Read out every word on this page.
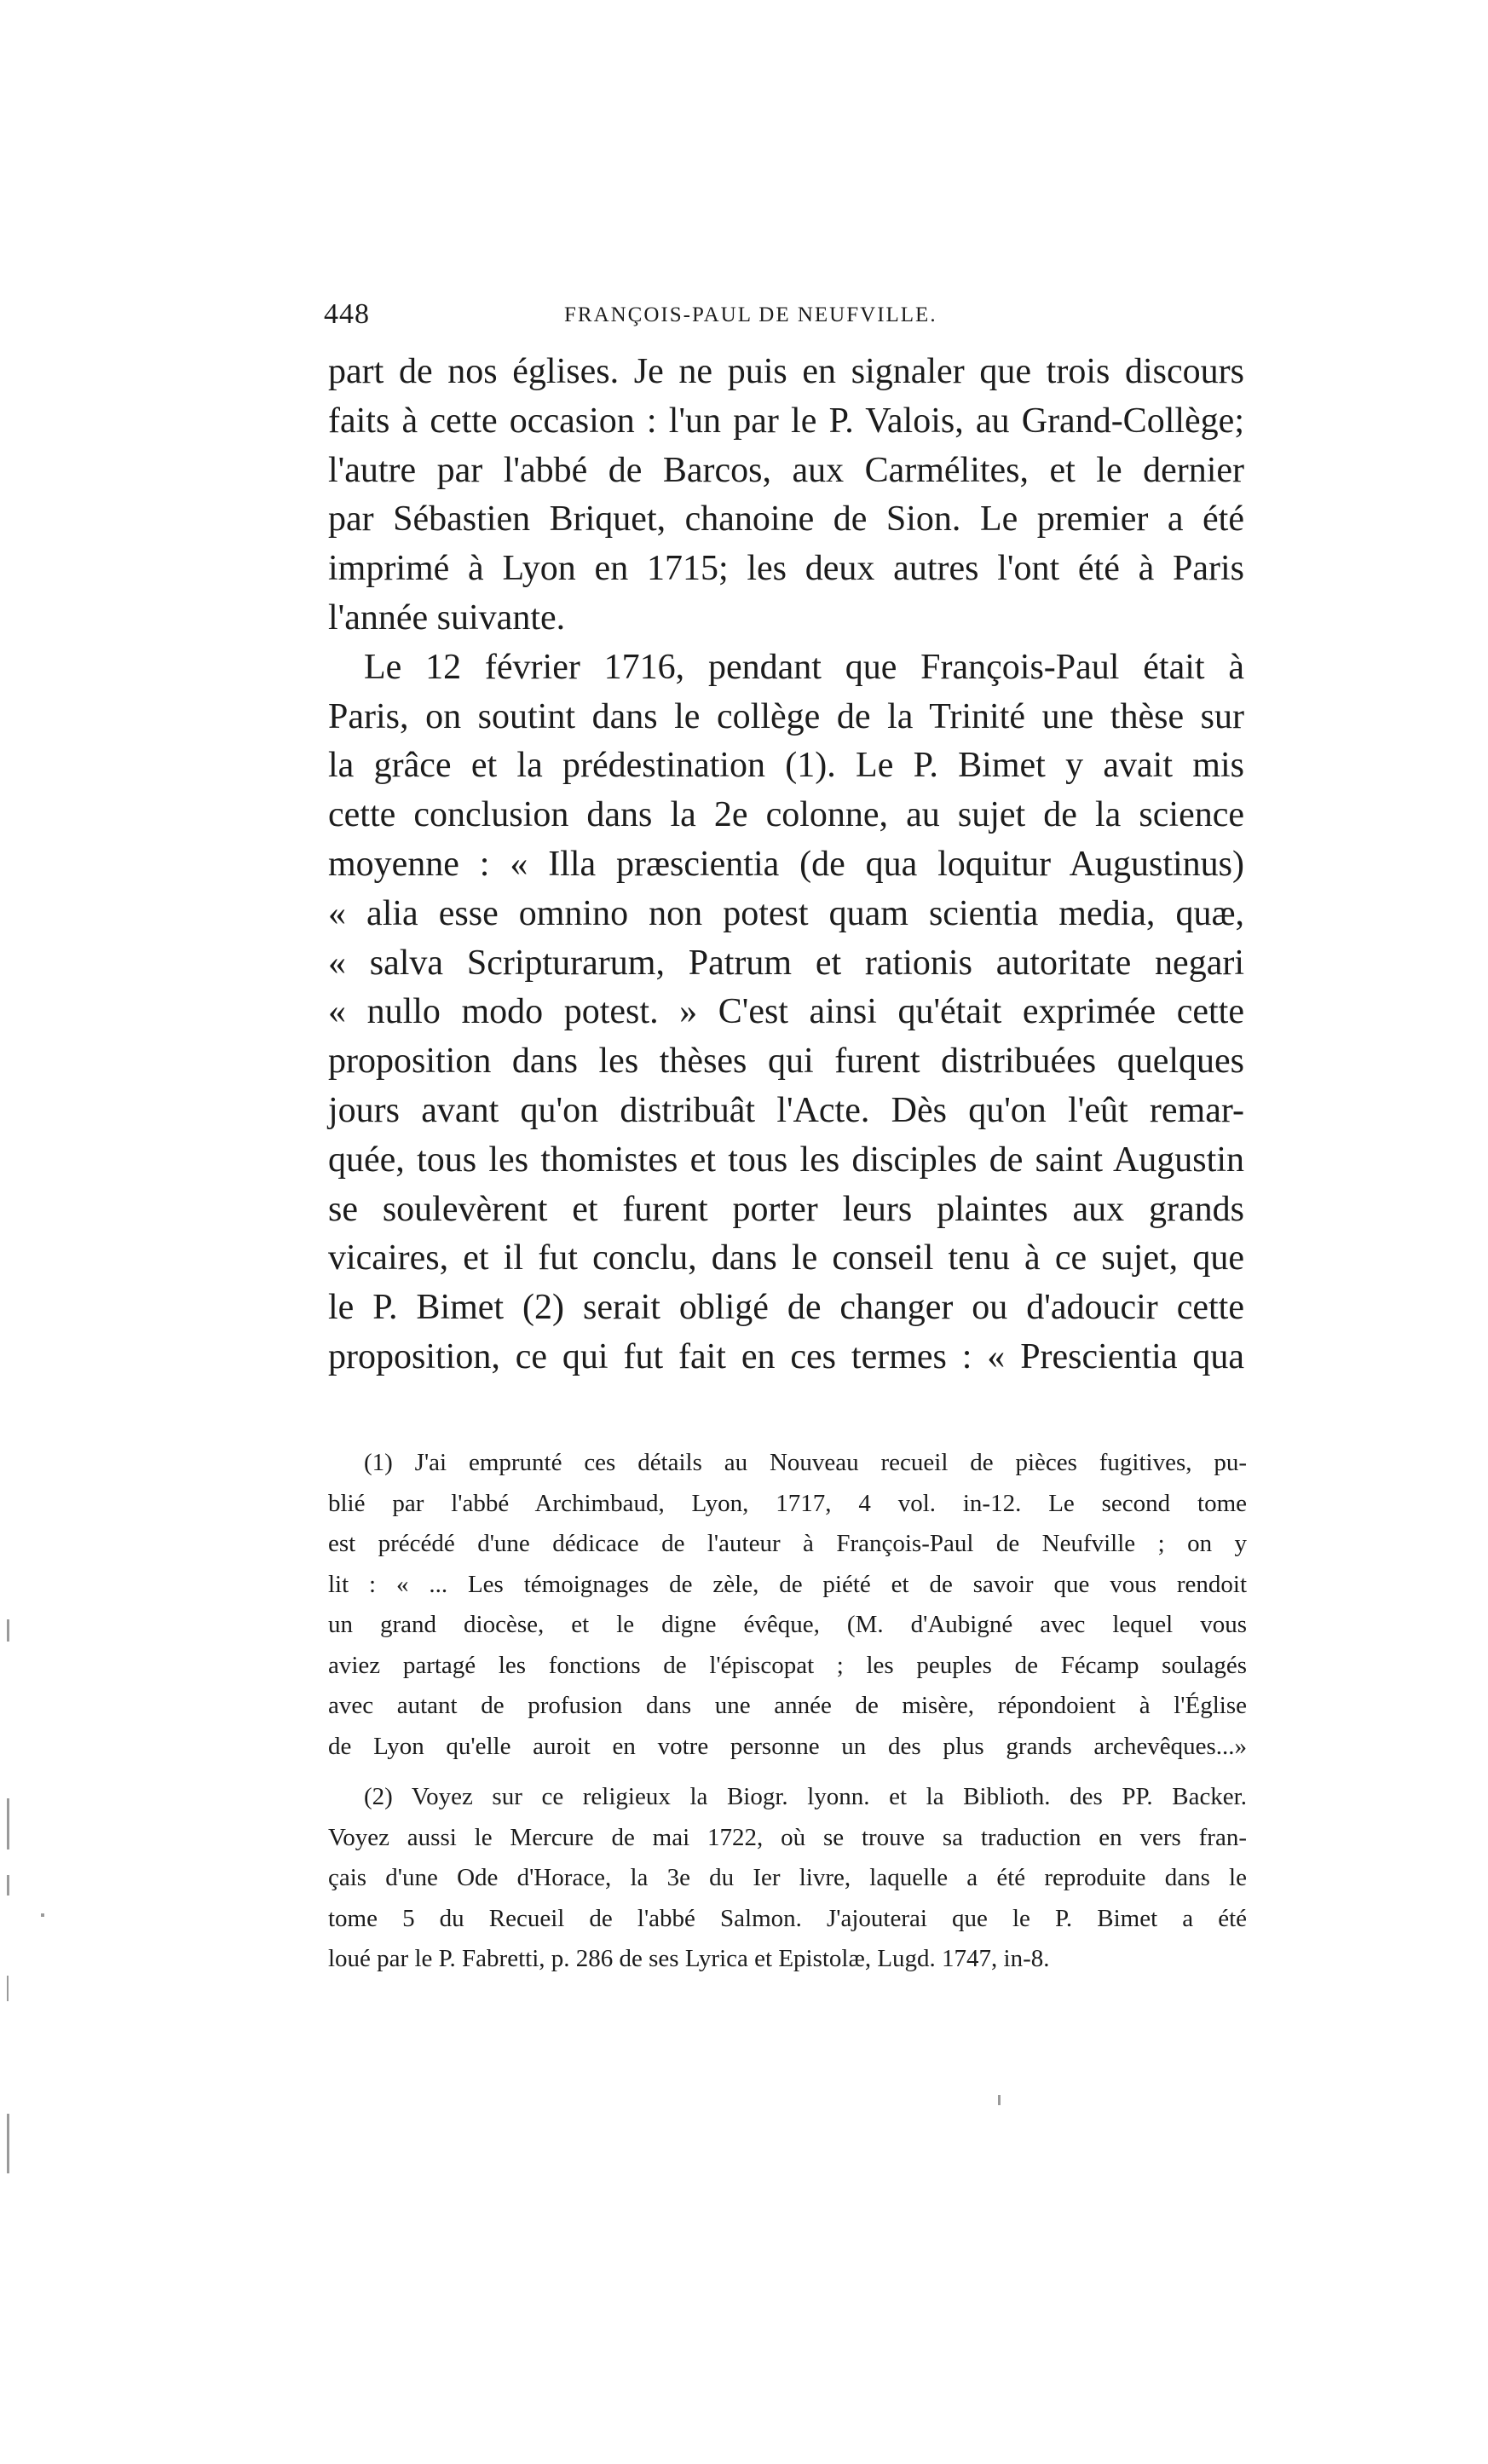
448	FRANÇOIS-PAUL DE NEUFVILLE.
part de nos églises. Je ne puis en signaler que trois discours
faits à cette occasion : l'un par le P. Valois, au Grand-Collège;
l'autre par l'abbé de Barcos, aux Carmélites, et le dernier
par Sébastien Briquet, chanoine de Sion. Le premier a été
imprimé à Lyon en 1715; les deux autres l'ont été à Paris
l'année suivante.
Le 12 février 1716, pendant que François-Paul était à
Paris, on soutint dans le collège de la Trinité une thèse sur
la grâce et la prédestination (1). Le P. Bimet y avait mis
cette conclusion dans la 2e colonne, au sujet de la science
moyenne : « Illa præscientia (de qua loquitur Augustinus)
« alia esse omnino non potest quam scientia media, quæ,
« salva Scripturarum, Patrum et rationis autoritate negari
« nullo modo potest. » C'est ainsi qu'était exprimée cette
proposition dans les thèses qui furent distribuées quelques
jours avant qu'on distribuât l'Acte. Dès qu'on l'eût remar-
quée, tous les thomistes et tous les disciples de saint Augustin
se soulevèrent et furent porter leurs plaintes aux grands
vicaires, et il fut conclu, dans le conseil tenu à ce sujet, que
le P. Bimet (2) serait obligé de changer ou d'adoucir cette
proposition, ce qui fut fait en ces termes : « Prescientia qua
(1) J'ai emprunté ces détails au Nouveau recueil de pièces fugitives, pu-
blié par l'abbé Archimbaud, Lyon, 1717, 4 vol. in-12. Le second tome
est précédé d'une dédicace de l'auteur à François-Paul de Neufville ; on y
lit : « ... Les témoignages de zèle, de piété et de savoir que vous rendoit
un grand diocèse, et le digne évêque, (M. d'Aubigné avec lequel vous
aviez partagé les fonctions de l'épiscopat ; les peuples de Fécamp soulagés
avec autant de profusion dans une année de misère, répondoient à l'Église
de Lyon qu'elle auroit en votre personne un des plus grands archevêques...»
(2) Voyez sur ce religieux la Biogr. lyonn. et la Biblioth. des PP. Backer.
Voyez aussi le Mercure de mai 1722, où se trouve sa traduction en vers fran-
çais d'une Ode d'Horace, la 3e du Ier livre, laquelle a été reproduite dans le
tome 5 du Recueil de l'abbé Salmon. J'ajouterai que le P. Bimet a été
loué par le P. Fabretti, p. 286 de ses Lyrica et Epistolæ, Lugd. 1747, in-8.
